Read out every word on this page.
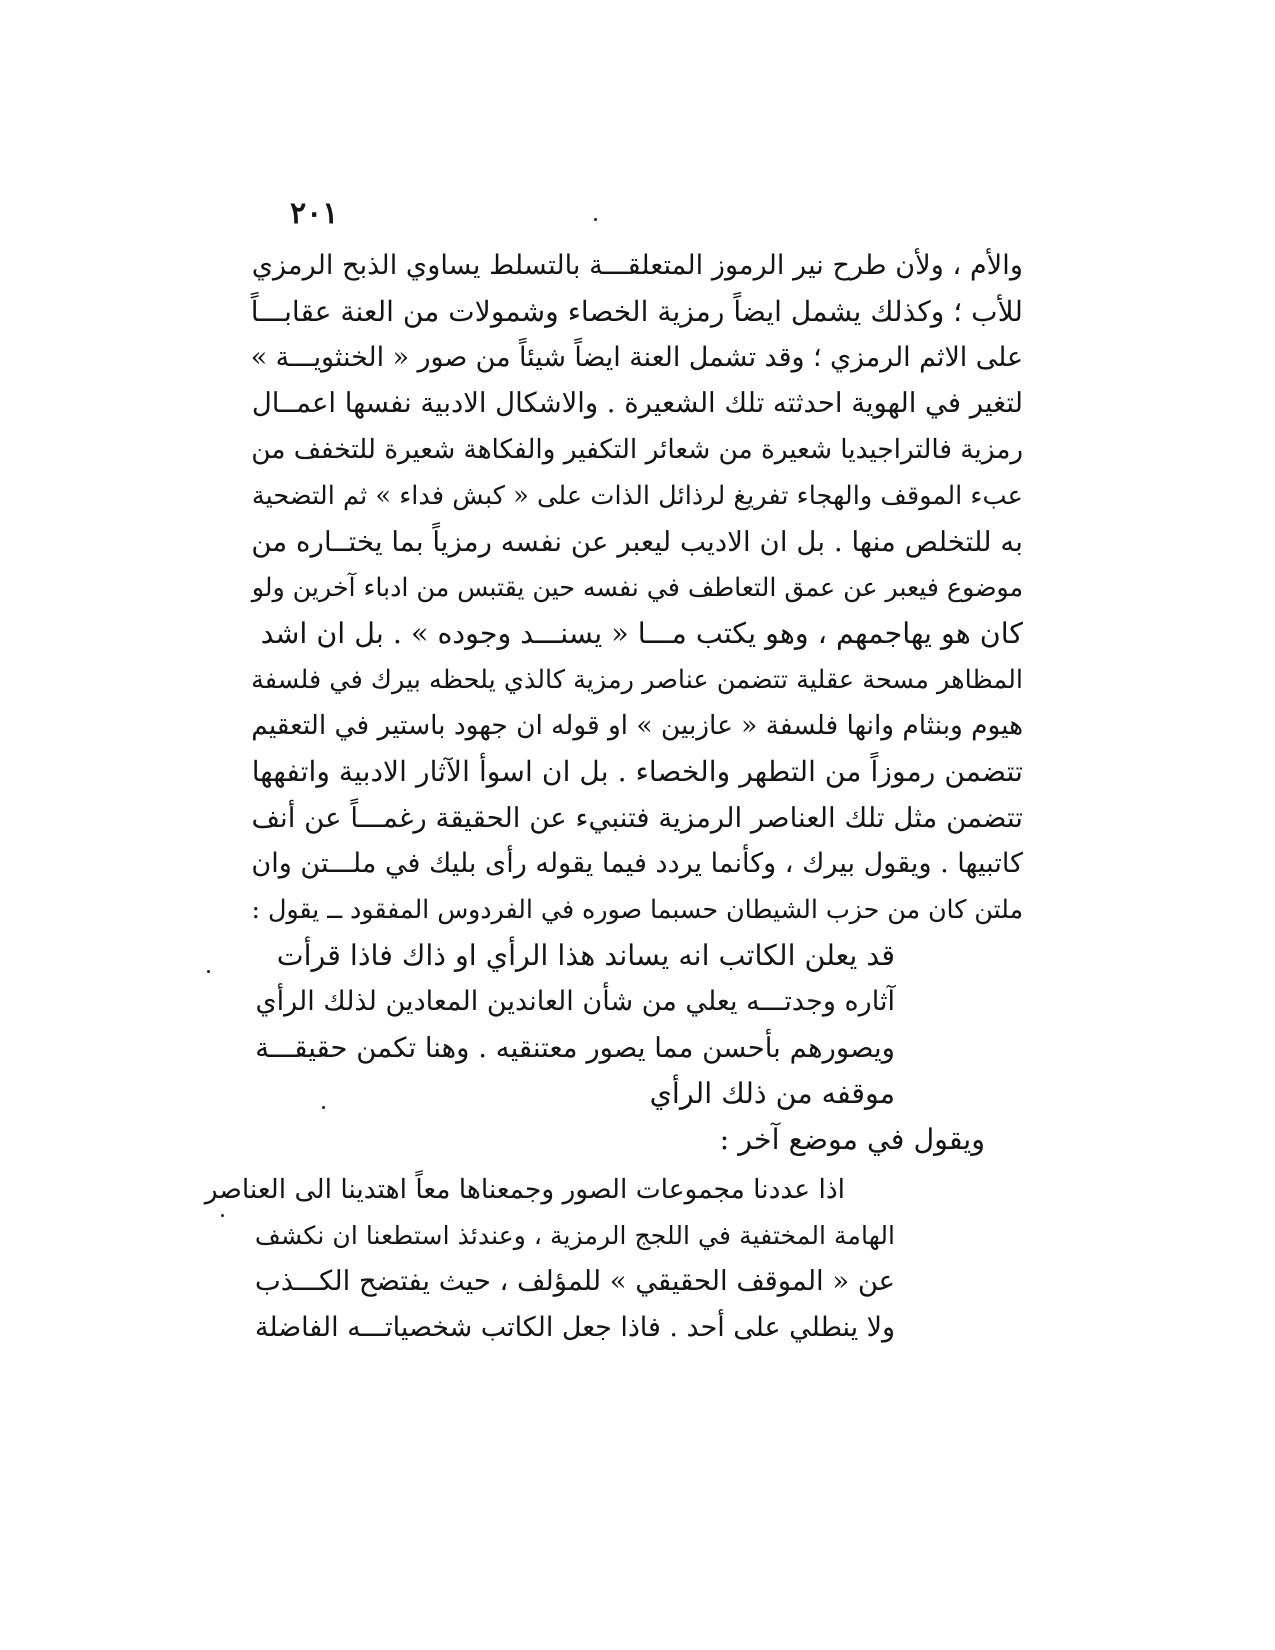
٢٠١
والأم ، ولأن طرح نير الرموز المتعلقـــة بالتسلط يساوي الذبح الرمزي
للأب ؛ وكذلك يشمل ايضاً رمزية الخصاء وشمولات من العنة عقابـــاً
على الاثم الرمزي ؛ وقد تشمل العنة ايضاً شيئاً من صور « الخنثويـــة »
لتغير في الهوية احدثته تلك الشعيرة . والاشكال الادبية نفسها اعمــال
رمزية فالتراجيديا شعيرة من شعائر التكفير والفكاهة شعيرة للتخفف من
عبء الموقف والهجاء تفريغ لرذائل الذات على « كبش فداء » ثم التضحية
به للتخلص منها . بل ان الاديب ليعبر عن نفسه رمزياً بما يختــاره من
موضوع فيعبر عن عمق التعاطف في نفسه حين يقتبس من ادباء آخرين ولو
كان هو يهاجمهم ، وهو يكتب مـــا « يسنـــد وجوده » . بل ان اشد
المظاهر مسحة عقلية تتضمن عناصر رمزية كالذي يلحظه بيرك في فلسفة
هيوم وبنثام وانها فلسفة « عازبين » او قوله ان جهود باستير في التعقيم
تتضمن رموزاً من التطهر والخصاء . بل ان اسوأ الآثار الادبية واتفهها
تتضمن مثل تلك العناصر الرمزية فتنبيء عن الحقيقة رغمـــاً عن أنف
كاتبيها . ويقول بيرك ، وكأنما يردد فيما يقوله رأى بليك في ملـــتن وان
ملتن كان من حزب الشيطان حسبما صوره في الفردوس المفقود ــ يقول :
قد يعلن الكاتب انه يساند هذا الرأي او ذاك فاذا قرأت
آثاره وجدتـــه يعلي من شأن العاندين المعادين لذلك الرأي
ويصورهم بأحسن مما يصور معتنقيه . وهنا تكمن حقيقـــة
موقفه من ذلك الرأي
ويقول في موضع آخر :
اذا عددنا مجموعات الصور وجمعناها معاً اهتدينا الى العناصر
الهامة المختفية في اللجج الرمزية ، وعندئذ استطعنا ان نكشف
عن « الموقف الحقيقي » للمؤلف ، حيث يفتضح الكـــذب
ولا ينطلي على أحد . فاذا جعل الكاتب شخصياتـــه الفاضلة
